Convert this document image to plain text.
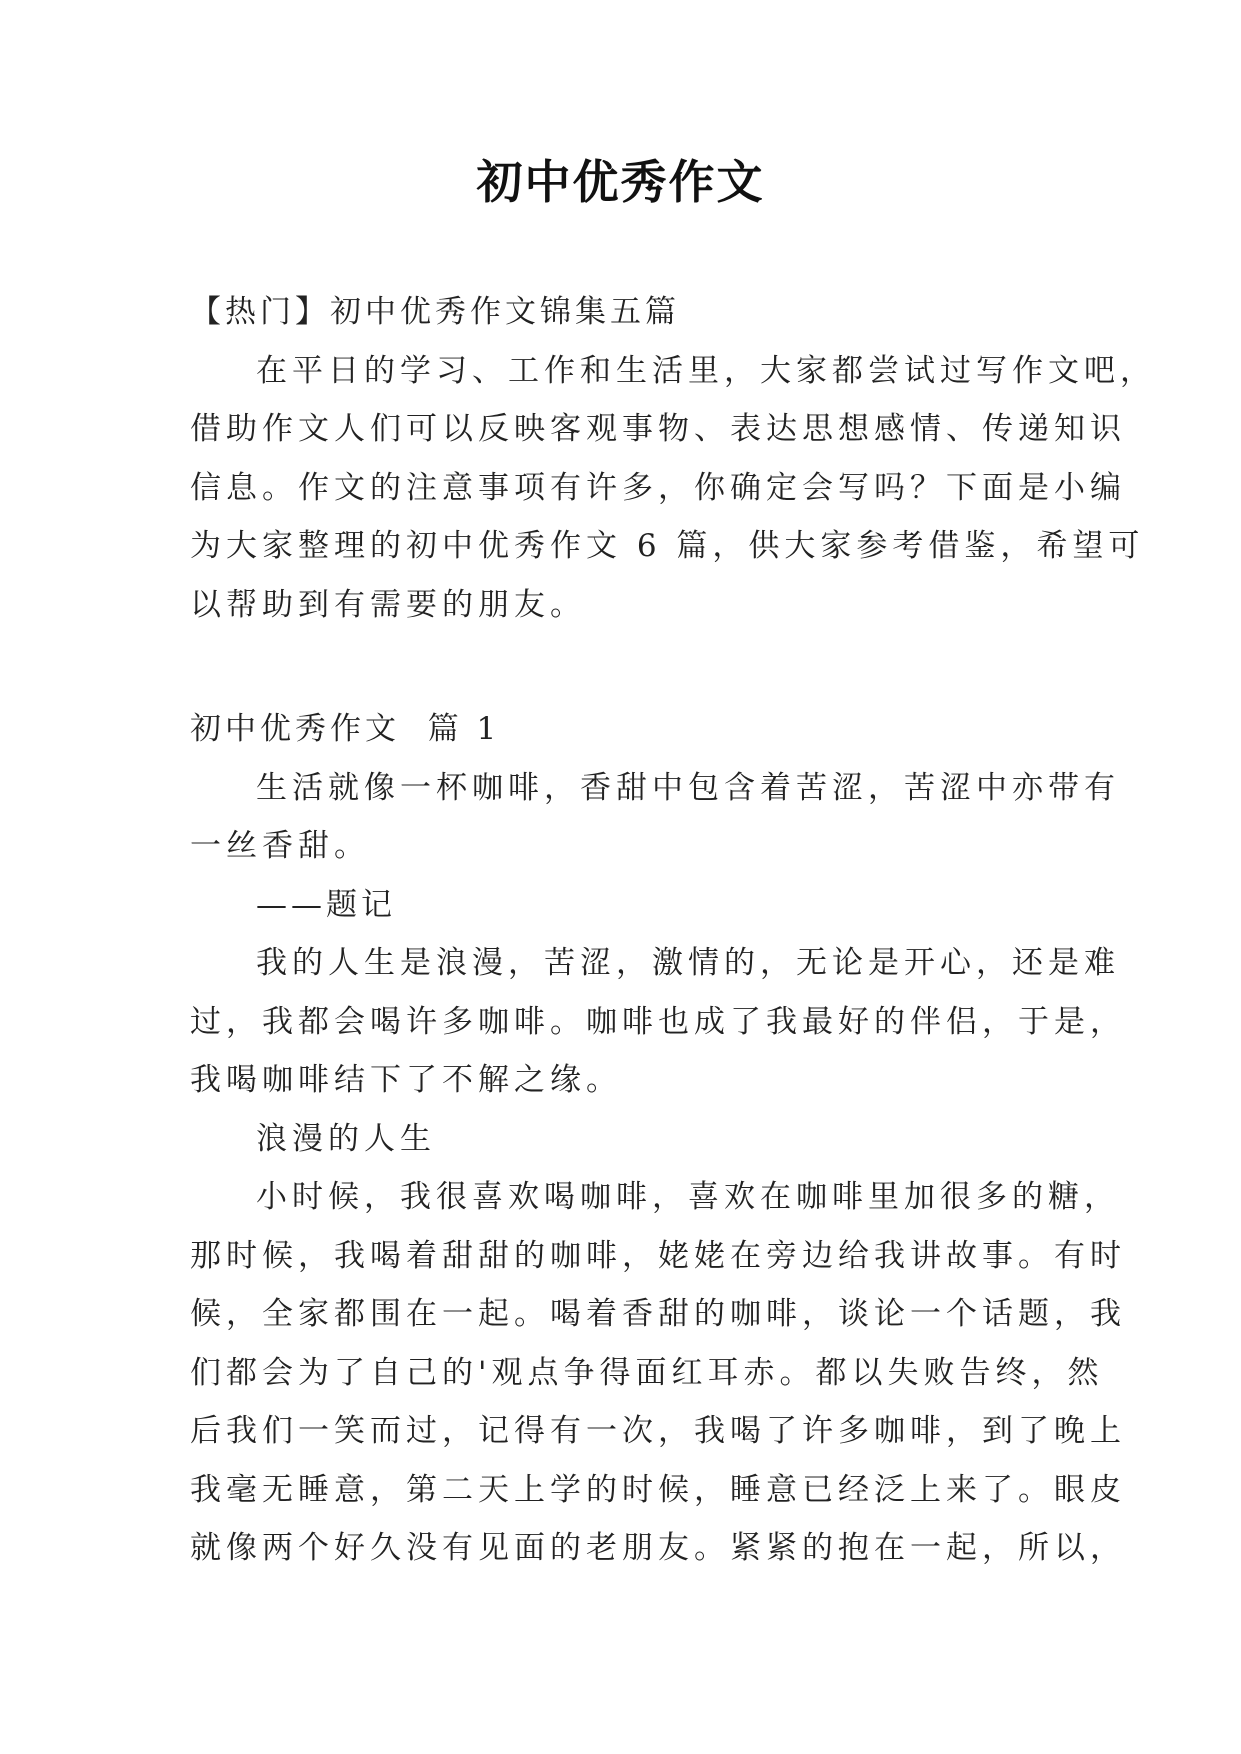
初中优秀作文
【热门】初中优秀作文锦集五篇
在平日的学习、工作和生活里，大家都尝试过写作文吧，
借助作文人们可以反映客观事物、表达思想感情、传递知识
信息。作文的注意事项有许多，你确定会写吗？下面是小编
为大家整理的初中优秀作文 6 篇，供大家参考借鉴，希望可
以帮助到有需要的朋友。
初中优秀作文  篇 1
生活就像一杯咖啡，香甜中包含着苦涩，苦涩中亦带有
一丝香甜。
——题记
我的人生是浪漫，苦涩，激情的，无论是开心，还是难
过，我都会喝许多咖啡。咖啡也成了我最好的伴侣，于是，
我喝咖啡结下了不解之缘。
浪漫的人生
小时候，我很喜欢喝咖啡，喜欢在咖啡里加很多的糖，
那时候，我喝着甜甜的咖啡，姥姥在旁边给我讲故事。有时
候，全家都围在一起。喝着香甜的咖啡，谈论一个话题，我
们都会为了自己的'观点争得面红耳赤。都以失败告终，然
后我们一笑而过，记得有一次，我喝了许多咖啡，到了晚上
我毫无睡意，第二天上学的时候，睡意已经泛上来了。眼皮
就像两个好久没有见面的老朋友。紧紧的抱在一起，所以，
